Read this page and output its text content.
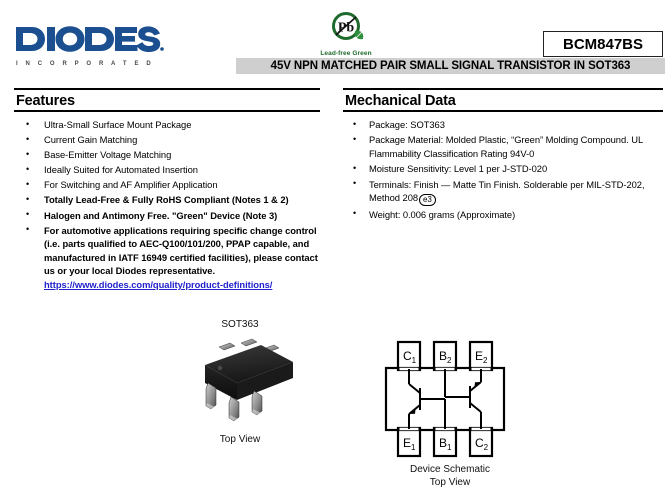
I N C O R P O R A T E D
Pb
Lead-free Green
BCM847BS
45V NPN MATCHED PAIR SMALL SIGNAL TRANSISTOR IN SOT363
Features
• Ultra-Small Surface Mount Package
• Current Gain Matching
• Base-Emitter Voltage Matching
• Ideally Suited for Automated Insertion
• For Switching and AF Amplifier Application
• Totally Lead-Free & Fully RoHS Compliant (Notes 1 & 2)
• Halogen and Antimony Free. "Green" Device (Note 3)
• For automotive applications requiring specific change control (i.e. parts qualified to AEC-Q100/101/200, PPAP capable, and manufactured in IATF 16949 certified facilities), please contact us or your local Diodes representative.
https://www.diodes.com/quality/product-definitions/
Mechanical Data
• Package: SOT363
• Package Material: Molded Plastic, “Green” Molding Compound. UL Flammability Classification Rating 94V-0
• Moisture Sensitivity: Level 1 per J-STD-020
• Terminals: Finish — Matte Tin Finish. Solderable per MIL-STD-202, Method 208 e3
• Weight: 0.006 grams (Approximate)
SOT363
Top View
$C_1$ $B_2$ $E_2$
$E_1$ $B_1$ $C_2$
Device Schematic
Top View
